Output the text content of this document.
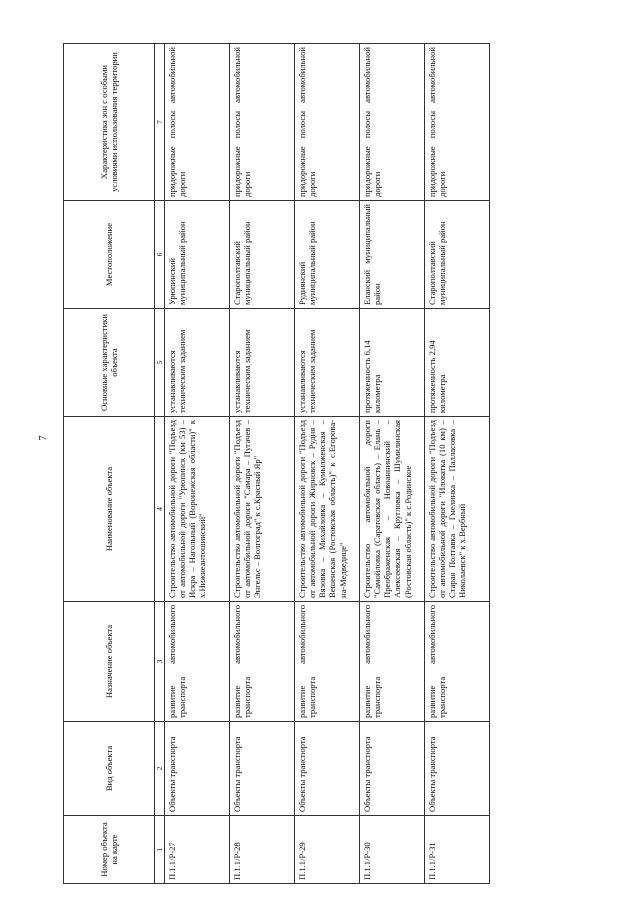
7
Номер объекта на карте	Вид объекта	Назначение объекта	Наименование объекта	Основные характеристики объекта	Местоположение	Характеристика зон с особыми условиями использования территории
1	2	3	4	5	6	7
П.1.1/Р-27	Объекты транспорта	развитие автомобильного транспорта	Строительство автомобильной дороги "Подъезд от автомобильной дороги "Урюпинск (км 53) – Искра – Нагольный (Воронежская области)" к х.Нижнеантошинский"	устанавливаются техническим заданием	Урюпинский муниципальный район	придорожные полосы автомобильной дороги
П.1.1/Р-28	Объекты транспорта	развитие автомобильного транспорта	Строительство автомобильной дороги "Подъезд от автомобильной дороги "Самара – Пугачев – Энгельс – Волгоград" к с.Красный Яр"	устанавливаются техническим заданием	Старополтавский муниципальный район	придорожные полосы автомобильной дороги
П.1.1/Р-29	Объекты транспорта	развитие автомобильного транспорта	Строительство автомобильной дороги "Подъезд от автомобильной дороги Жирновск – Рудня – Вязовка – Михайловка – Кумылженская – Вешенская (Ростовская область)" к с.Егорова-на-Медведице"	устанавливаются техническим заданием	Руднянский муниципальный район	придорожные полосы автомобильной дороги
П.1.1/Р-30	Объекты транспорта	развитие автомобильного транспорта	Строительство автомобильной дороги "Самойловка (Саратовская область) – Елань – Преображенская – Новоаннинский – Алексеевская – Кругловка – Шумилинская (Ростовская область)" к с.Родинское	протяженность 6,14 километра	Еланский муниципальный район	придорожные полосы автомобильной дороги
П.1.1/Р-31	Объекты транспорта	развитие автомобильного транспорта	Строительство автомобильной дороги "Подъезд от автомобильной дороги "Иловатка (10 км) – Старая Полтавка – Гмелинка – Палласовка – Николаевск" к х.Вербный	протяженность 2,94 километра	Старополтавский муниципальный район	придорожные полосы автомобильной дороги
